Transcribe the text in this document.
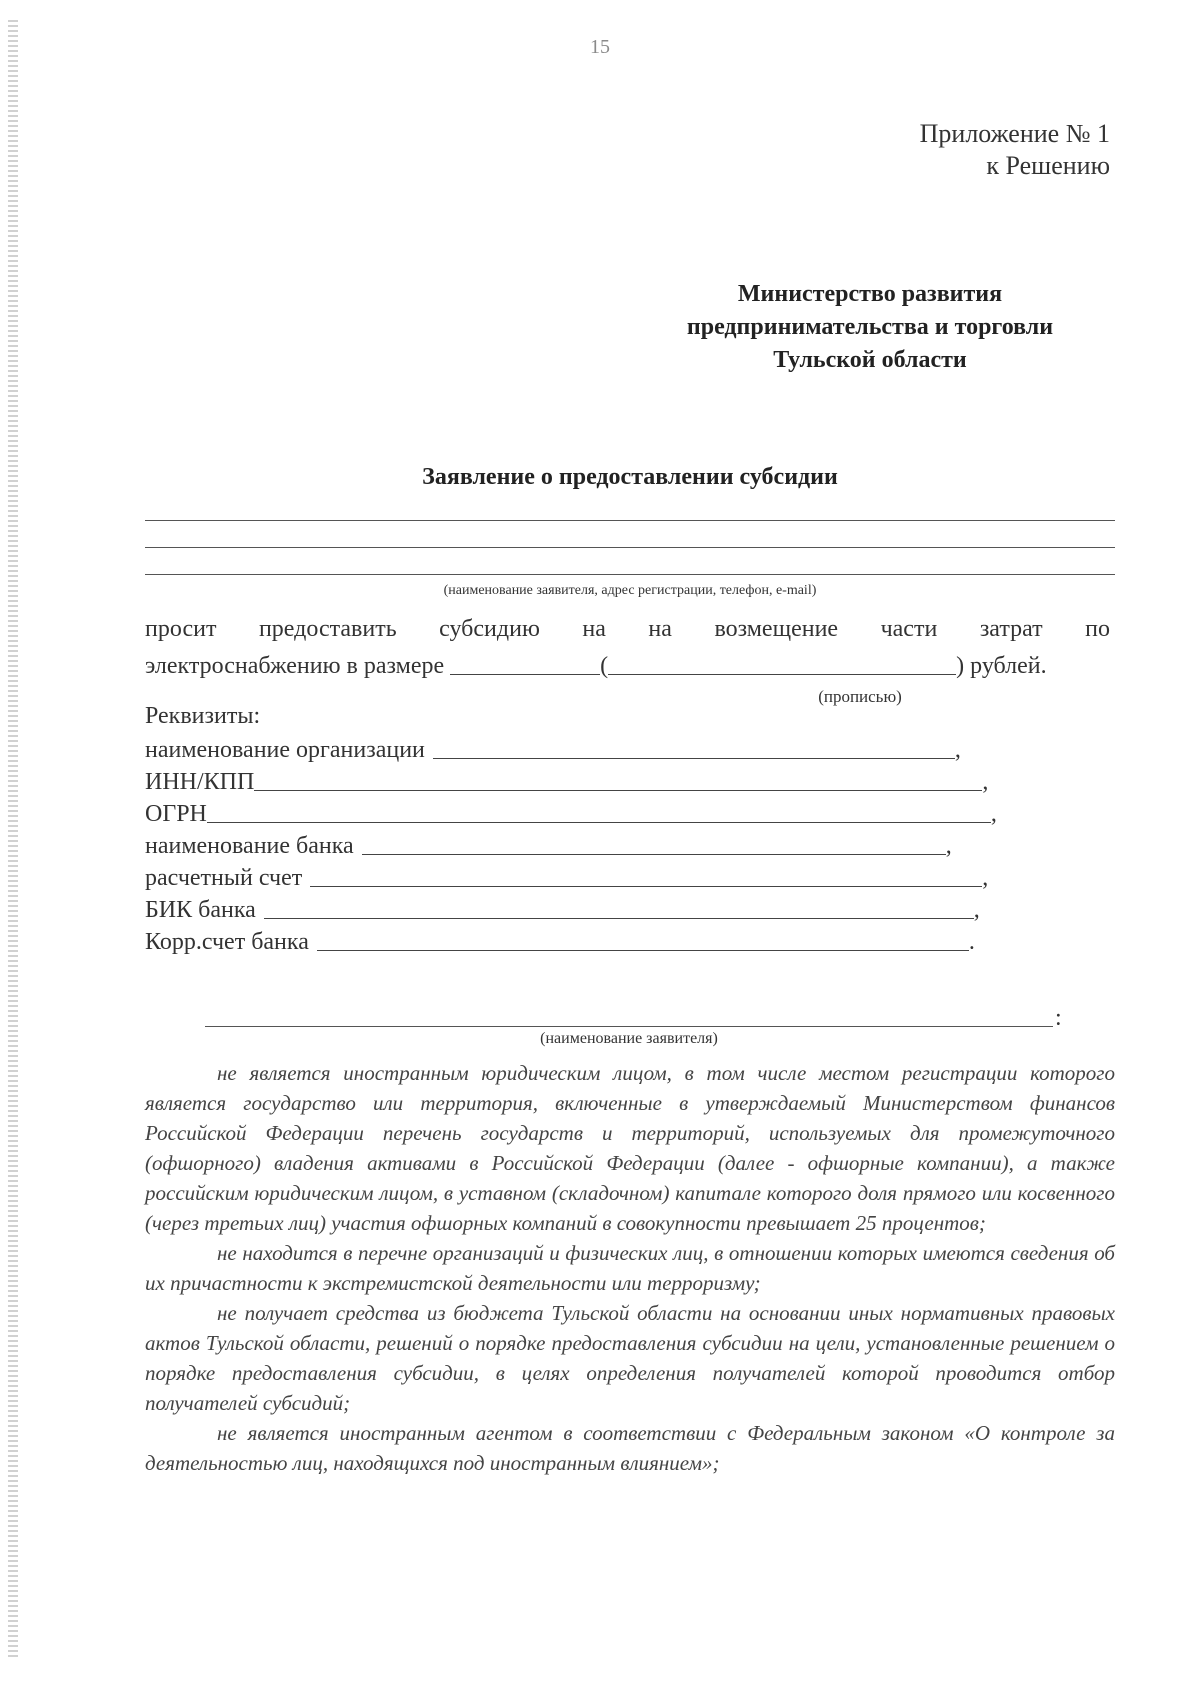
15
Приложение № 1
к Решению
Министерство развития
предпринимательства и торговли
Тульской области
Заявление о предоставлении субсидии
(наименование заявителя, адрес регистрации, телефон, e-mail)
просит предоставить субсидию на на возмещение части затрат по
электроснабжению в размере	(	) рублей.
(прописью)
Реквизиты:
наименование организации	,
ИНН/КПП	,
ОГРН	,
наименование банка	,
расчетный счет	,
БИК банка	,
Корр.счет банка	.
:
(наименование заявителя)

не является иностранным юридическим лицом, в том числе местом регистрации которого является государство или территория, включенные в утверждаемый Министерством финансов Российской Федерации перечень государств и территорий, используемых для промежуточного (офшорного) владения активами в Российской Федерации (далее - офшорные компании), а также российским юридическим лицом, в уставном (складочном) капитале которого доля прямого или косвенного (через третьих лиц) участия офшорных компаний в совокупности превышает 25 процентов;

не находится в перечне организаций и физических лиц, в отношении которых имеются сведения об их причастности к экстремистской деятельности или терроризму;

не получает средства из бюджета Тульской области на основании иных нормативных правовых актов Тульской области, решений о порядке предоставления субсидии на цели, установленные решением о порядке предоставления субсидии, в целях определения получателей которой проводится отбор получателей субсидий;

не является иностранным агентом в соответствии с Федеральным законом «О контроле за деятельностью лиц, находящихся под иностранным влиянием»;
